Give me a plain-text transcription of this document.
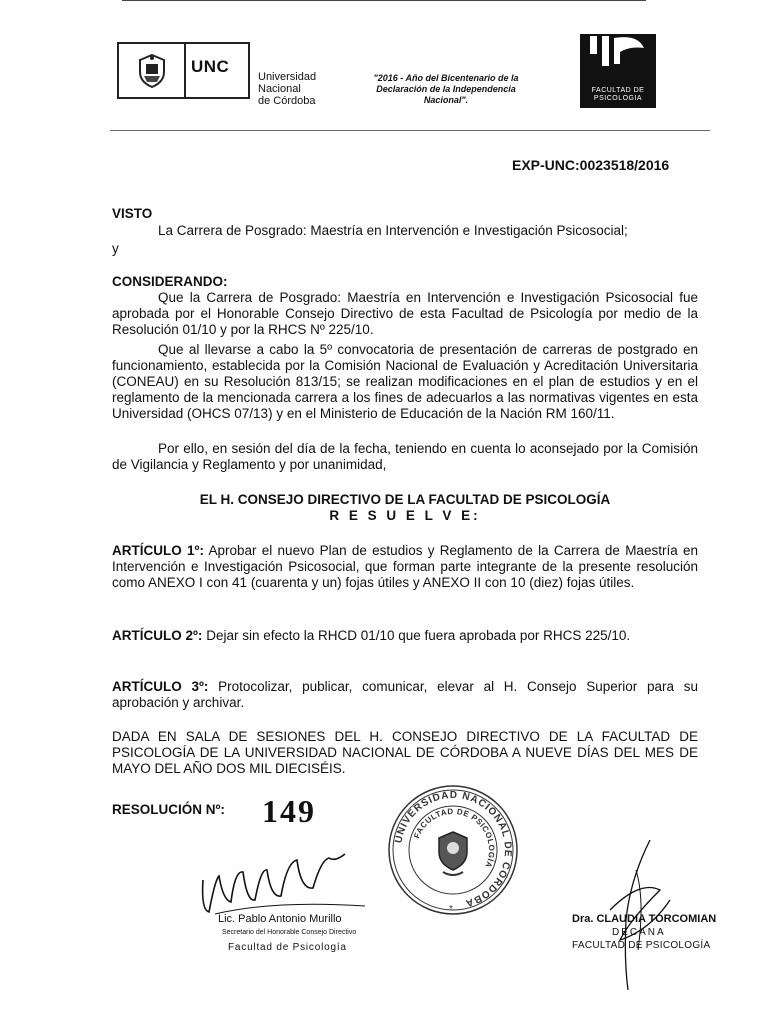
UNC
Universidad
Nacional
de Córdoba
"2016 - Año del Bicentenario de la
Declaración de la Independencia Nacional".
FACULTAD DE
PSICOLOGIA
EXP-UNC:0023518/2016
VISTO
La Carrera de Posgrado: Maestría en Intervención e Investigación Psicosocial;
y
CONSIDERANDO:
Que la Carrera de Posgrado: Maestría en Intervención e Investigación Psicosocial fue aprobada por el Honorable Consejo Directivo de esta Facultad de Psicología por medio de la Resolución 01/10 y por la RHCS Nº 225/10.
Que al llevarse a cabo la 5º convocatoria de presentación de carreras de postgrado en funcionamiento, establecida por la Comisión Nacional de Evaluación y Acreditación Universitaria (CONEAU) en su Resolución 813/15; se realizan modificaciones en el plan de estudios y en el reglamento de la mencionada carrera a los fines de adecuarlos a las normativas vigentes en esta Universidad (OHCS 07/13) y en el Ministerio de Educación de la Nación RM 160/11.
Por ello, en sesión del día de la fecha, teniendo en cuenta lo aconsejado por la Comisión de Vigilancia y Reglamento y por unanimidad,
EL H. CONSEJO DIRECTIVO DE LA FACULTAD DE PSICOLOGÍA
R E S U E L V E:
ARTÍCULO 1º: Aprobar el nuevo Plan de estudios y Reglamento de la Carrera de Maestría en Intervención e Investigación Psicosocial, que forman parte integrante de la presente resolución como ANEXO I con 41 (cuarenta y un) fojas útiles y ANEXO II con 10 (diez) fojas útiles.
ARTÍCULO 2º: Dejar sin efecto la RHCD 01/10 que fuera aprobada por RHCS 225/10.
ARTÍCULO 3º: Protocolizar, publicar, comunicar, elevar al H. Consejo Superior para su aprobación y archivar.
DADA EN SALA DE SESIONES DEL H. CONSEJO DIRECTIVO DE LA FACULTAD DE PSICOLOGÍA DE LA UNIVERSIDAD NACIONAL DE CÓRDOBA A NUEVE DÍAS DEL MES DE MAYO DEL AÑO DOS MIL DIECISÉIS.
RESOLUCIÓN Nº: 149
UNIVERSIDAD NACIONAL DE CÓRDOBA
FACULTAD DE PSICOLOGÍA
*
Lic. Pablo Antonio Murillo
Secretario del Honorable Consejo Directivo
Facultad de Psicología
Dra. CLAUDIA TORCOMIAN
DECANA
FACULTAD DE PSICOLOGÍA
